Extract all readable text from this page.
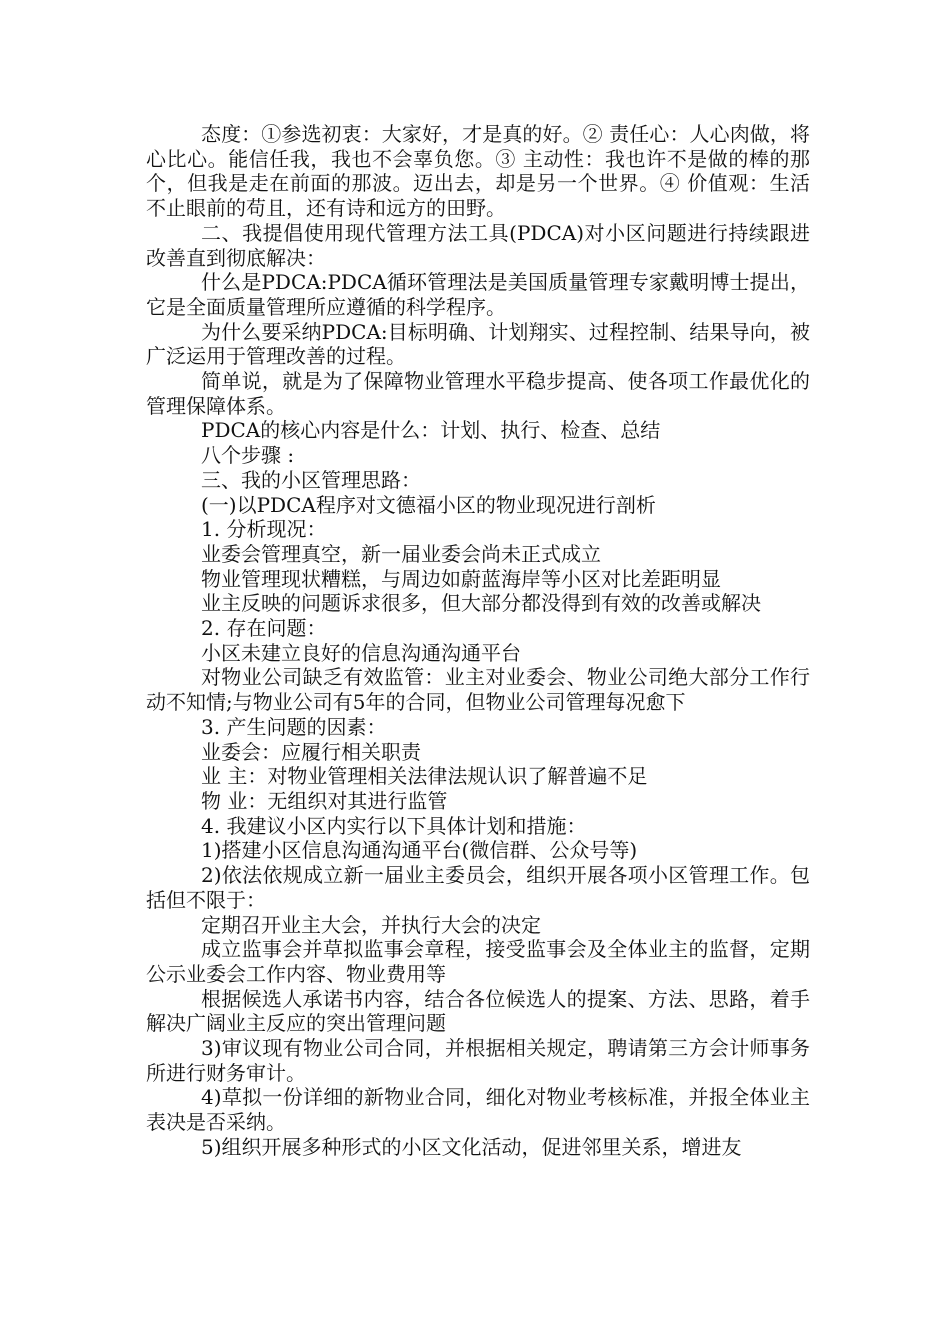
态度：①参选初衷：大家好，才是真的好。② 责任心：人心肉做，将心比心。能信任我，我也不会辜负您。③ 主动性：我也许不是做的棒的那个，但我是走在前面的那波。迈出去，却是另一个世界。④ 价值观：生活不止眼前的苟且，还有诗和远方的田野。

二、我提倡使用现代管理方法工具(PDCA)对小区问题进行持续跟进改善直到彻底解决：

什么是PDCA:PDCA循环管理法是美国质量管理专家戴明博士提出，它是全面质量管理所应遵循的科学程序。

为什么要采纳PDCA:目标明确、计划翔实、过程控制、结果导向，被广泛运用于管理改善的过程。

简单说，就是为了保障物业管理水平稳步提高、使各项工作最优化的管理保障体系。

PDCA的核心内容是什么：计划、执行、检查、总结

八个步骤 :

三、我的小区管理思路：

(一)以PDCA程序对文德福小区的物业现况进行剖析

1. 分析现况：

业委会管理真空，新一届业委会尚未正式成立

物业管理现状糟糕，与周边如蔚蓝海岸等小区对比差距明显

业主反映的问题诉求很多，但大部分都没得到有效的改善或解决

2. 存在问题：

小区未建立良好的信息沟通沟通平台

对物业公司缺乏有效监管：业主对业委会、物业公司绝大部分工作行动不知情;与物业公司有5年的合同，但物业公司管理每况愈下

3. 产生问题的因素：

业委会：应履行相关职责

业 主：对物业管理相关法律法规认识了解普遍不足

物 业：无组织对其进行监管

4. 我建议小区内实行以下具体计划和措施：

1)搭建小区信息沟通沟通平台(微信群、公众号等)

2)依法依规成立新一届业主委员会，组织开展各项小区管理工作。包括但不限于：

定期召开业主大会，并执行大会的决定

成立监事会并草拟监事会章程，接受监事会及全体业主的监督，定期公示业委会工作内容、物业费用等

根据候选人承诺书内容，结合各位候选人的提案、方法、思路，着手解决广阔业主反应的突出管理问题

3)审议现有物业公司合同，并根据相关规定，聘请第三方会计师事务所进行财务审计。

4)草拟一份详细的新物业合同，细化对物业考核标准，并报全体业主表决是否采纳。

5)组织开展多种形式的小区文化活动，促进邻里关系，增进友
